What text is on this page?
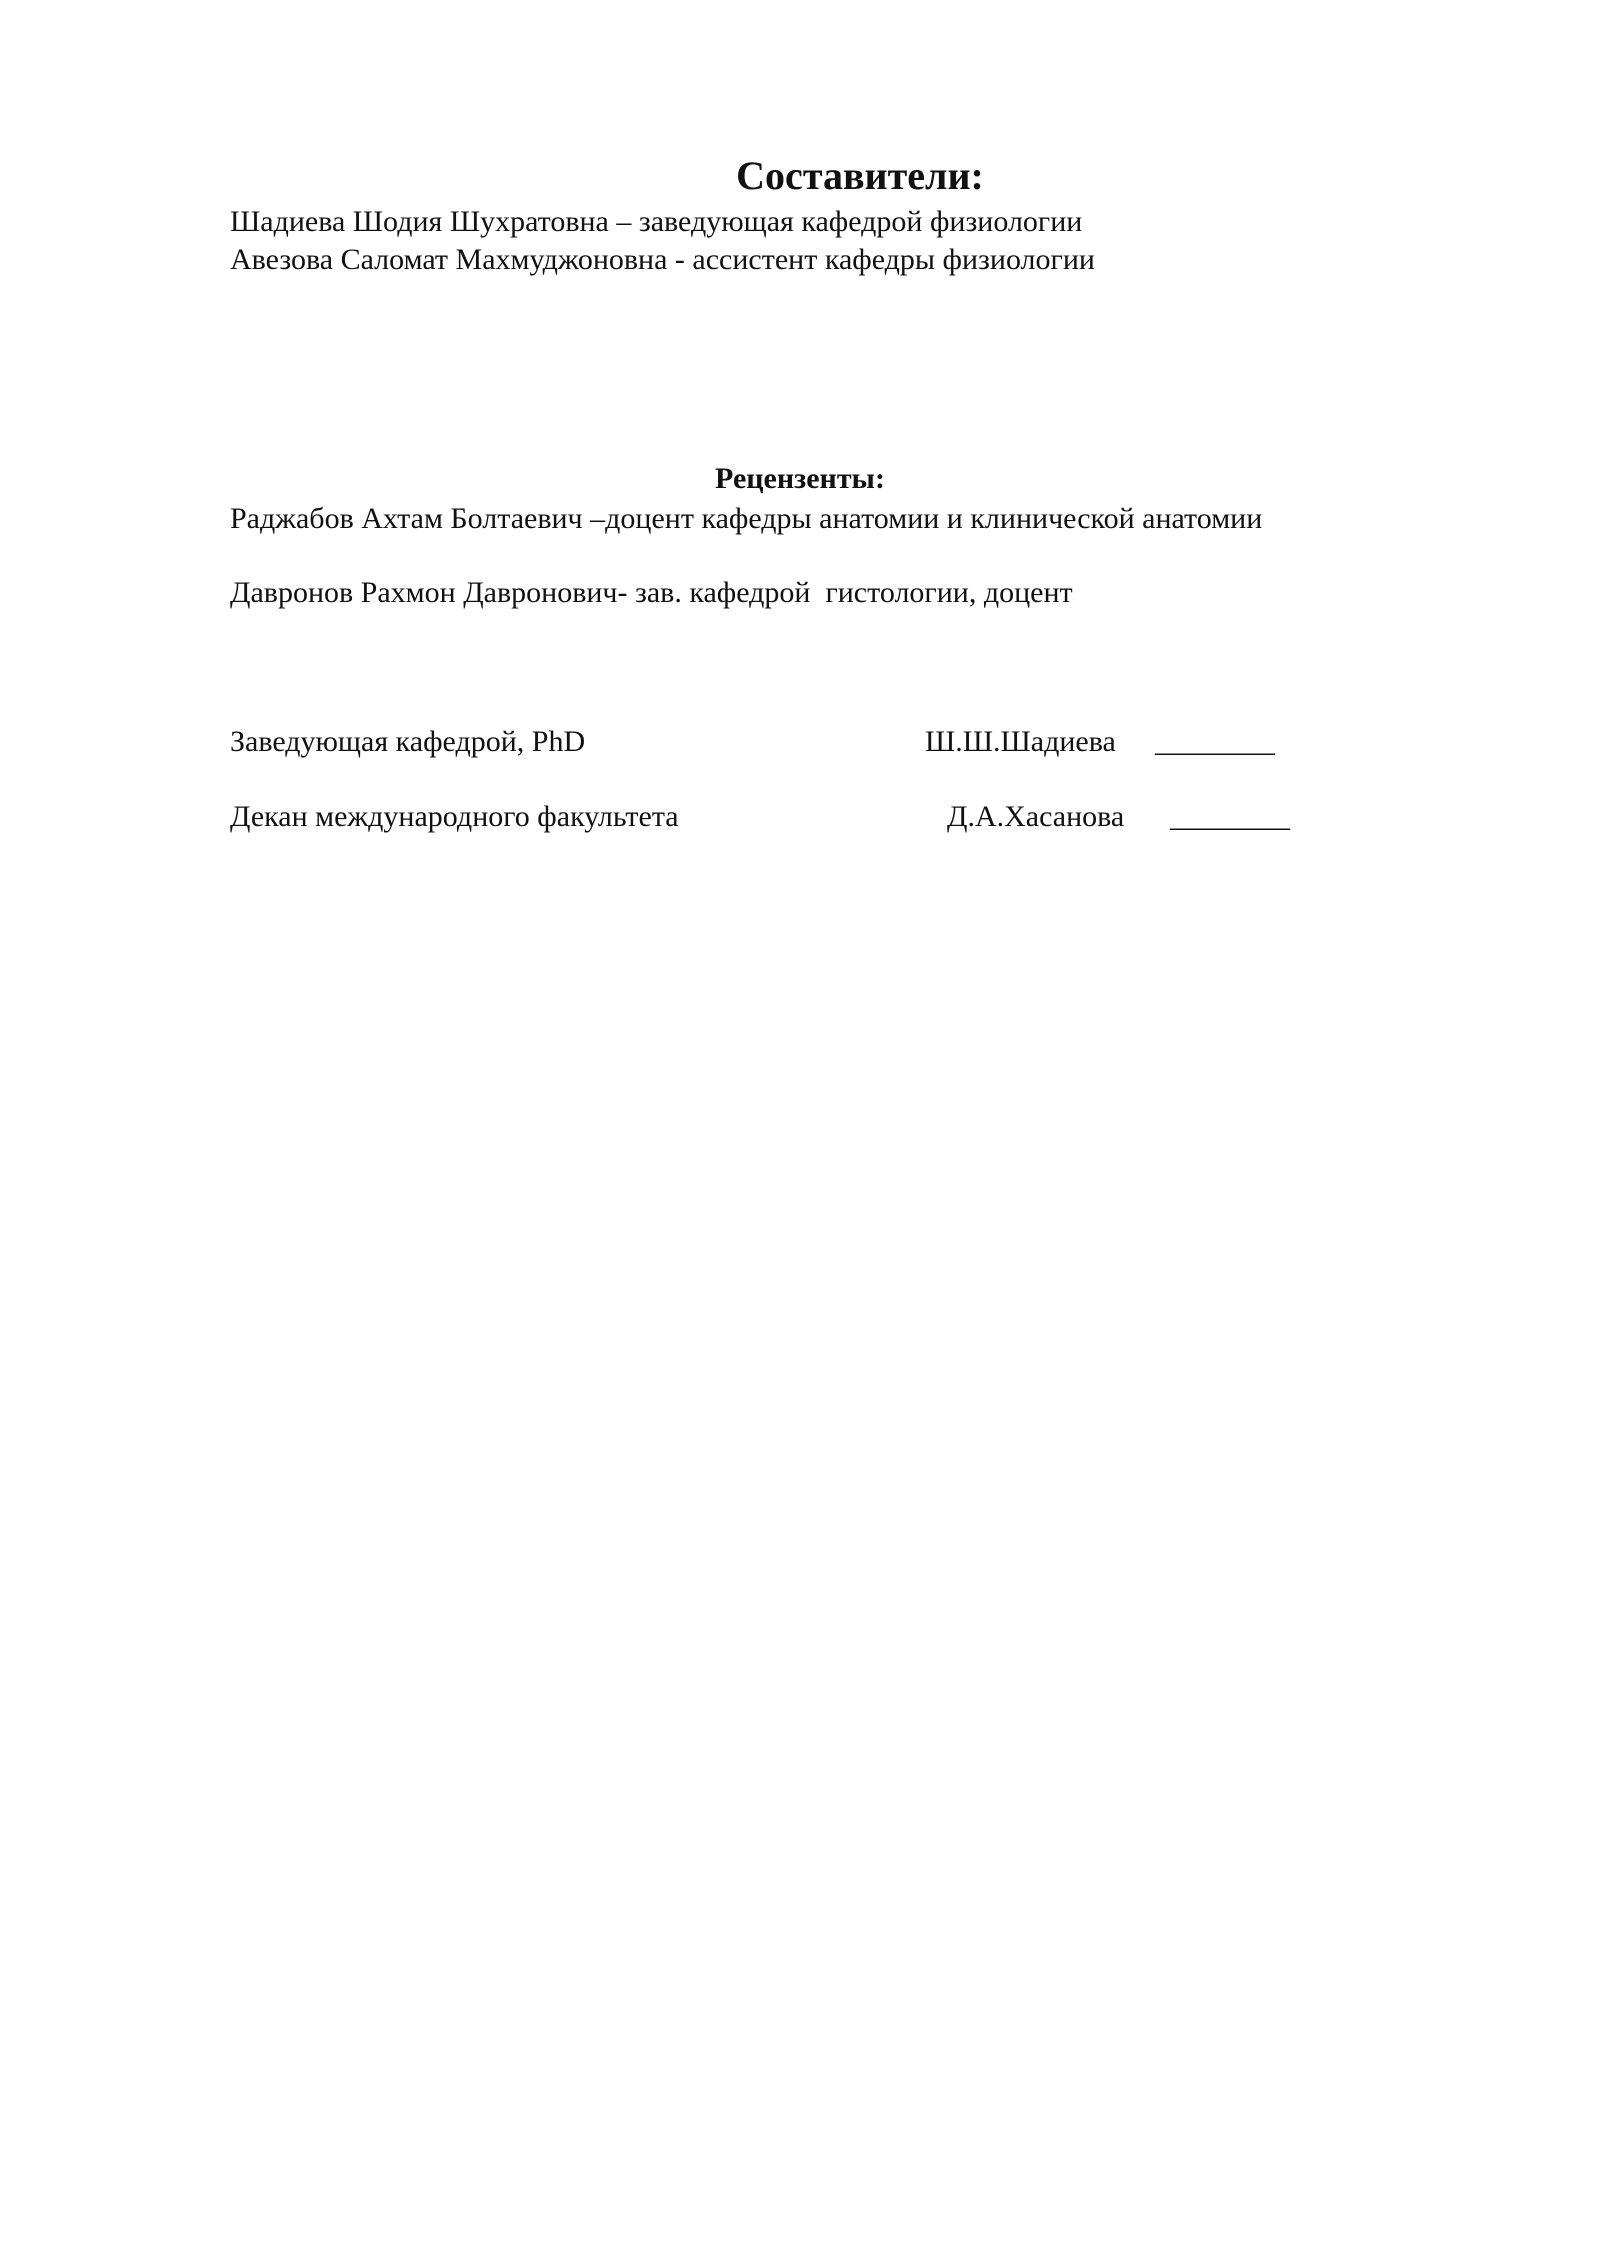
Составители:
Шадиева Шодия Шухратовна – заведующая кафедрой физиологии
Авезова Саломат Махмуджоновна - ассистент кафедры физиологии
Рецензенты:
Раджабов Ахтам Болтаевич –доцент кафедры анатомии и клинической анатомии
Давронов Рахмон Давронович- зав. кафедрой  гистологии, доцент
Заведующая кафедрой, PhD	Ш.Ш.Шадиева ________
Декан международного факультета	Д.А.Хасанова ________
